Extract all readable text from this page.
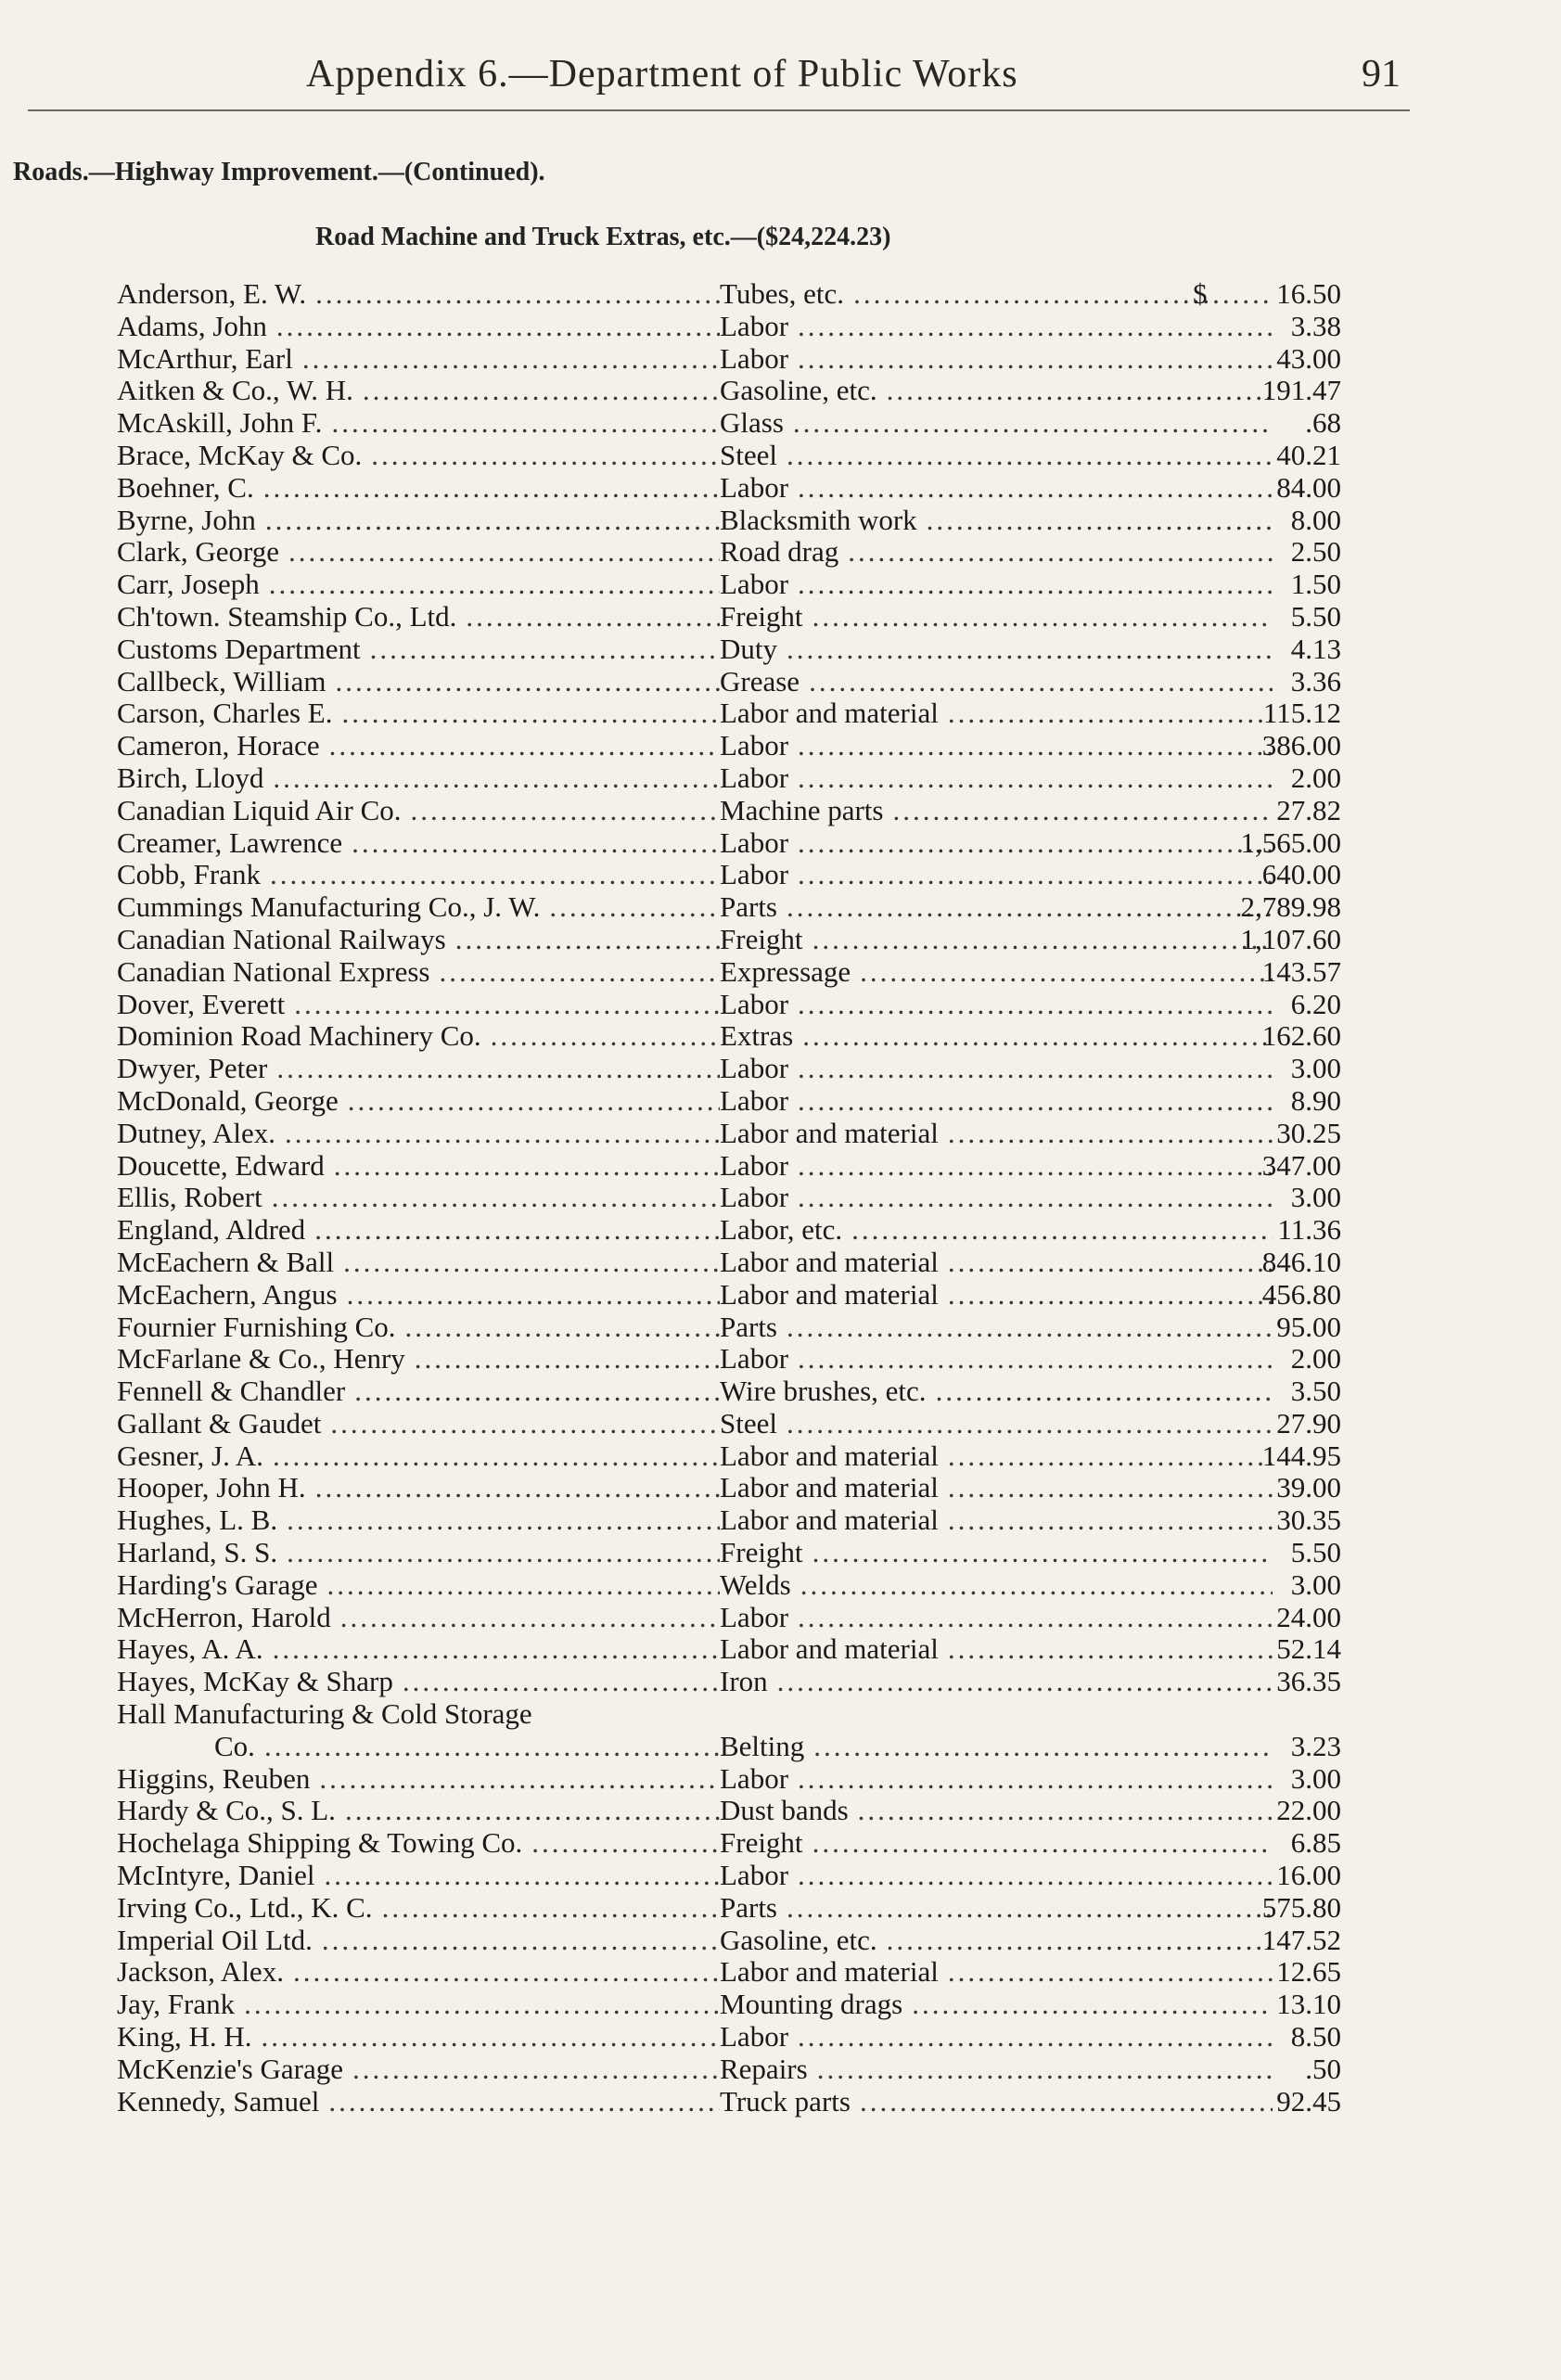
Appendix 6.—Department of Public Works	91
Roads.—Highway Improvement.—(Continued).
Road Machine and Truck Extras, etc.—($24,224.23)
Anderson, E. W. .....	Tubes, etc. .....	$	16.50
Adams, John .....	Labor .....	3.38
McArthur, Earl .....	Labor .....	43.00
Aitken & Co., W. H. .....	Gasoline, etc. .....	191.47
McAskill, John F. .....	Glass .....	.68
Brace, McKay & Co. .....	Steel .....	40.21
Boehner, C. .....	Labor .....	84.00
Byrne, John .....	Blacksmith work .....	8.00
Clark, George .....	Road drag .....	2.50
Carr, Joseph .....	Labor .....	1.50
Ch'town. Steamship Co., Ltd. .....	Freight .....	5.50
Customs Department .....	Duty .....	4.13
Callbeck, William .....	Grease .....	3.36
Carson, Charles E. .....	Labor and material .....	115.12
Cameron, Horace .....	Labor .....	386.00
Birch, Lloyd .....	Labor .....	2.00
Canadian Liquid Air Co. .....	Machine parts .....	27.82
Creamer, Lawrence .....	Labor .....	1,565.00
Cobb, Frank .....	Labor .....	640.00
Cummings Manufacturing Co., J. W. .....	Parts .....	2,789.98
Canadian National Railways .....	Freight .....	1,107.60
Canadian National Express .....	Expressage .....	143.57
Dover, Everett .....	Labor .....	6.20
Dominion Road Machinery Co. .....	Extras .....	162.60
Dwyer, Peter .....	Labor .....	3.00
McDonald, George .....	Labor .....	8.90
Dutney, Alex. .....	Labor and material .....	30.25
Doucette, Edward .....	Labor .....	347.00
Ellis, Robert .....	Labor .....	3.00
England, Aldred .....	Labor, etc. .....	11.36
McEachern & Ball .....	Labor and material .....	846.10
McEachern, Angus .....	Labor and material .....	456.80
Fournier Furnishing Co. .....	Parts .....	95.00
McFarlane & Co., Henry .....	Labor .....	2.00
Fennell & Chandler .....	Wire brushes, etc. .....	3.50
Gallant & Gaudet .....	Steel .....	27.90
Gesner, J. A. .....	Labor and material .....	144.95
Hooper, John H. .....	Labor and material .....	39.00
Hughes, L. B. .....	Labor and material .....	30.35
Harland, S. S. .....	Freight .....	5.50
Harding's Garage .....	Welds .....	3.00
McHerron, Harold .....	Labor .....	24.00
Hayes, A. A. .....	Labor and material .....	52.14
Hayes, McKay & Sharp .....	Iron .....	36.35
Hall Manufacturing & Cold Storage
Co. .....	Belting .....	3.23
Higgins, Reuben .....	Labor .....	3.00
Hardy & Co., S. L. .....	Dust bands .....	22.00
Hochelaga Shipping & Towing Co. .....	Freight .....	6.85
McIntyre, Daniel .....	Labor .....	16.00
Irving Co., Ltd., K. C. .....	Parts .....	575.80
Imperial Oil Ltd. .....	Gasoline, etc. .....	147.52
Jackson, Alex. .....	Labor and material .....	12.65
Jay, Frank .....	Mounting drags .....	13.10
King, H. H. .....	Labor .....	8.50
McKenzie's Garage .....	Repairs .....	.50
Kennedy, Samuel .....	Truck parts .....	92.45
